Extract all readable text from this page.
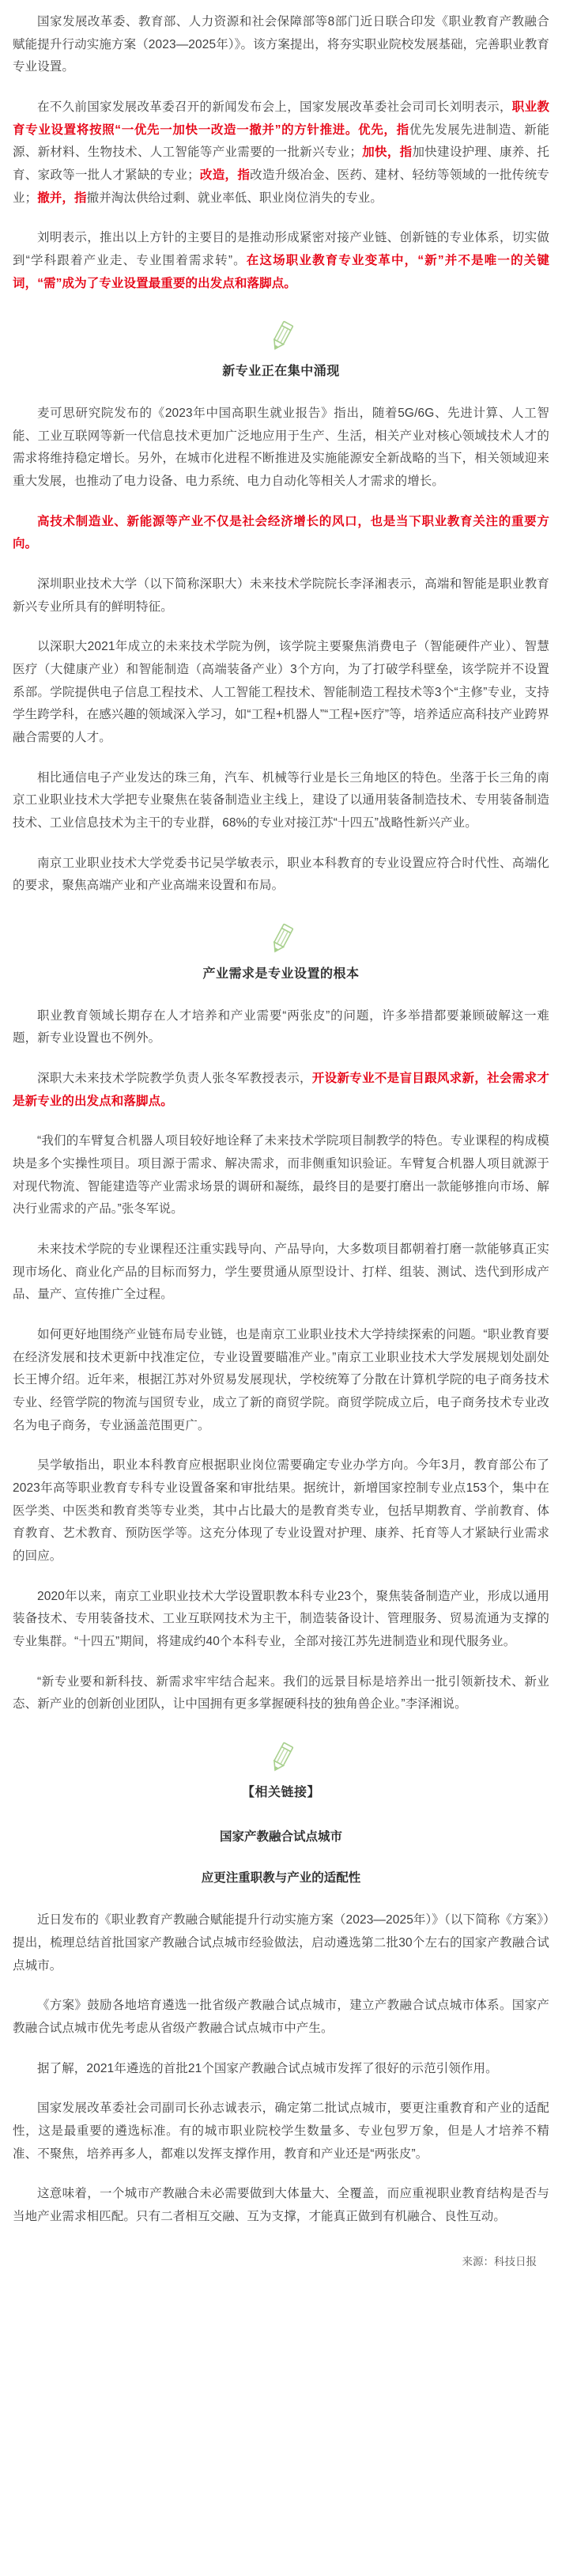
国家发展改革委、教育部、人力资源和社会保障部等8部门近日联合印发《职业教育产教融合赋能提升行动实施方案（2023—2025年）》。该方案提出，将夯实职业院校发展基础，完善职业教育专业设置。

在不久前国家发展改革委召开的新闻发布会上，国家发展改革委社会司司长刘明表示，职业教育专业设置将按照“一优先一加快一改造一撤并”的方针推进。优先，指优先发展先进制造、新能源、新材料、生物技术、人工智能等产业需要的一批新兴专业；加快，指加快建设护理、康养、托育、家政等一批人才紧缺的专业；改造，指改造升级冶金、医药、建材、轻纺等领域的一批传统专业；撤并，指撤并淘汰供给过剩、就业率低、职业岗位消失的专业。

刘明表示，推出以上方针的主要目的是推动形成紧密对接产业链、创新链的专业体系，切实做到“学科跟着产业走、专业围着需求转”。在这场职业教育专业变革中，“新”并不是唯一的关键词，“需”成为了专业设置最重要的出发点和落脚点。

新专业正在集中涌现

麦可思研究院发布的《2023年中国高职生就业报告》指出，随着5G/6G、先进计算、人工智能、工业互联网等新一代信息技术更加广泛地应用于生产、生活，相关产业对核心领域技术人才的需求将维持稳定增长。另外，在城市化进程不断推进及实施能源安全新战略的当下，相关领域迎来重大发展，也推动了电力设备、电力系统、电力自动化等相关人才需求的增长。

高技术制造业、新能源等产业不仅是社会经济增长的风口，也是当下职业教育关注的重要方向。

深圳职业技术大学（以下简称深职大）未来技术学院院长李泽湘表示，高端和智能是职业教育新兴专业所具有的鲜明特征。

以深职大2021年成立的未来技术学院为例，该学院主要聚焦消费电子（智能硬件产业）、智慧医疗（大健康产业）和智能制造（高端装备产业）3个方向，为了打破学科壁垒，该学院并不设置系部。学院提供电子信息工程技术、人工智能工程技术、智能制造工程技术等3个“主修”专业，支持学生跨学科，在感兴趣的领域深入学习，如“工程+机器人”“工程+医疗”等，培养适应高科技产业跨界融合需要的人才。

相比通信电子产业发达的珠三角，汽车、机械等行业是长三角地区的特色。坐落于长三角的南京工业职业技术大学把专业聚焦在装备制造业主线上，建设了以通用装备制造技术、专用装备制造技术、工业信息技术为主干的专业群，68%的专业对接江苏“十四五”战略性新兴产业。

南京工业职业技术大学党委书记吴学敏表示，职业本科教育的专业设置应符合时代性、高端化的要求，聚焦高端产业和产业高端来设置和布局。

产业需求是专业设置的根本

职业教育领域长期存在人才培养和产业需要“两张皮”的问题，许多举措都要兼顾破解这一难题，新专业设置也不例外。

深职大未来技术学院教学负责人张冬军教授表示，开设新专业不是盲目跟风求新，社会需求才是新专业的出发点和落脚点。

“我们的车臂复合机器人项目较好地诠释了未来技术学院项目制教学的特色。专业课程的构成模块是多个实操性项目。项目源于需求、解决需求，而非侧重知识验证。车臂复合机器人项目就源于对现代物流、智能建造等产业需求场景的调研和凝练，最终目的是要打磨出一款能够推向市场、解决行业需求的产品。”张冬军说。

未来技术学院的专业课程还注重实践导向、产品导向，大多数项目都朝着打磨一款能够真正实现市场化、商业化产品的目标而努力，学生要贯通从原型设计、打样、组装、测试、迭代到形成产品、量产、宣传推广全过程。

如何更好地围绕产业链布局专业链，也是南京工业职业技术大学持续探索的问题。“职业教育要在经济发展和技术更新中找准定位，专业设置要瞄准产业。”南京工业职业技术大学发展规划处副处长王博介绍。近年来，根据江苏对外贸易发展现状，学校统筹了分散在计算机学院的电子商务技术专业、经管学院的物流与国贸专业，成立了新的商贸学院。商贸学院成立后，电子商务技术专业改名为电子商务，专业涵盖范围更广。

吴学敏指出，职业本科教育应根据职业岗位需要确定专业办学方向。今年3月，教育部公布了2023年高等职业教育专科专业设置备案和审批结果。据统计，新增国家控制专业点153个，集中在医学类、中医类和教育类等专业类，其中占比最大的是教育类专业，包括早期教育、学前教育、体育教育、艺术教育、预防医学等。这充分体现了专业设置对护理、康养、托育等人才紧缺行业需求的回应。

2020年以来，南京工业职业技术大学设置职教本科专业23个，聚焦装备制造产业，形成以通用装备技术、专用装备技术、工业互联网技术为主干，制造装备设计、管理服务、贸易流通为支撑的专业集群。“十四五”期间，将建成约40个本科专业，全部对接江苏先进制造业和现代服务业。

“新专业要和新科技、新需求牢牢结合起来。我们的远景目标是培养出一批引领新技术、新业态、新产业的创新创业团队，让中国拥有更多掌握硬科技的独角兽企业。”李泽湘说。

【相关链接】
国家产教融合试点城市
应更注重职教与产业的适配性

近日发布的《职业教育产教融合赋能提升行动实施方案（2023—2025年）》（以下简称《方案》）提出，梳理总结首批国家产教融合试点城市经验做法，启动遴选第二批30个左右的国家产教融合试点城市。

《方案》鼓励各地培育遴选一批省级产教融合试点城市，建立产教融合试点城市体系。国家产教融合试点城市优先考虑从省级产教融合试点城市中产生。

据了解，2021年遴选的首批21个国家产教融合试点城市发挥了很好的示范引领作用。

国家发展改革委社会司副司长孙志诚表示，确定第二批试点城市，要更注重教育和产业的适配性，这是最重要的遴选标准。有的城市职业院校学生数量多、专业包罗万象，但是人才培养不精准、不聚焦，培养再多人，都难以发挥支撑作用，教育和产业还是“两张皮”。

这意味着，一个城市产教融合未必需要做到大体量大、全覆盖，而应重视职业教育结构是否与当地产业需求相匹配。只有二者相互交融、互为支撑，才能真正做到有机融合、良性互动。

来源：科技日报
